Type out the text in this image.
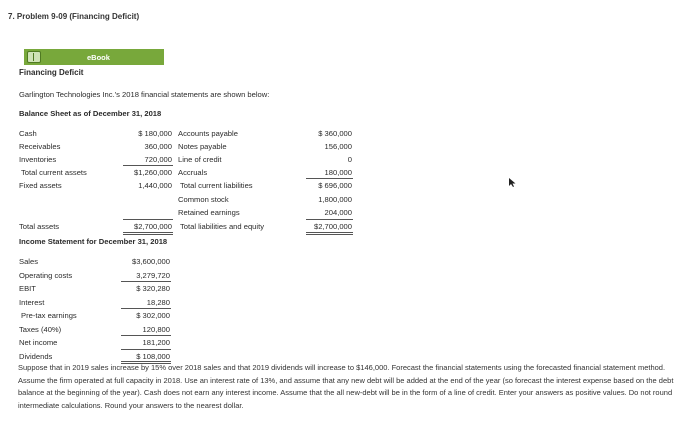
7. Problem 9-09 (Financing Deficit)
eBook
Financing Deficit
Garlington Technologies Inc.'s 2018 financial statements are shown below:
Balance Sheet as of December 31, 2018
Cash
Receivables
Inventories
Total current assets
Fixed assets
Total assets
$ 180,000
360,000
720,000
$1,260,000
1,440,000
$2,700,000
Accounts payable
Notes payable
Line of credit
Accruals
Total current liabilities
Common stock
Retained earnings
Total liabilities and equity
$ 360,000
156,000
0
180,000
$ 696,000
1,800,000
204,000
$2,700,000
Income Statement for December 31, 2018
Sales
Operating costs
EBIT
Interest
Pre-tax earnings
Taxes (40%)
Net income
Dividends
$3,600,000
3,279,720
$ 320,280
18,280
$ 302,000
120,800
181,200
$ 108,000
Suppose that in 2019 sales increase by 15% over 2018 sales and that 2019 dividends will increase to $146,000. Forecast the financial statements using the forecasted financial statement method. Assume the firm operated at full capacity in 2018. Use an interest rate of 13%, and assume that any new debt will be added at the end of the year (so forecast the interest expense based on the debt balance at the beginning of the year). Cash does not earn any interest income. Assume that the all new-debt will be in the form of a line of credit. Enter your answers as positive values. Do not round intermediate calculations. Round your answers to the nearest dollar.
